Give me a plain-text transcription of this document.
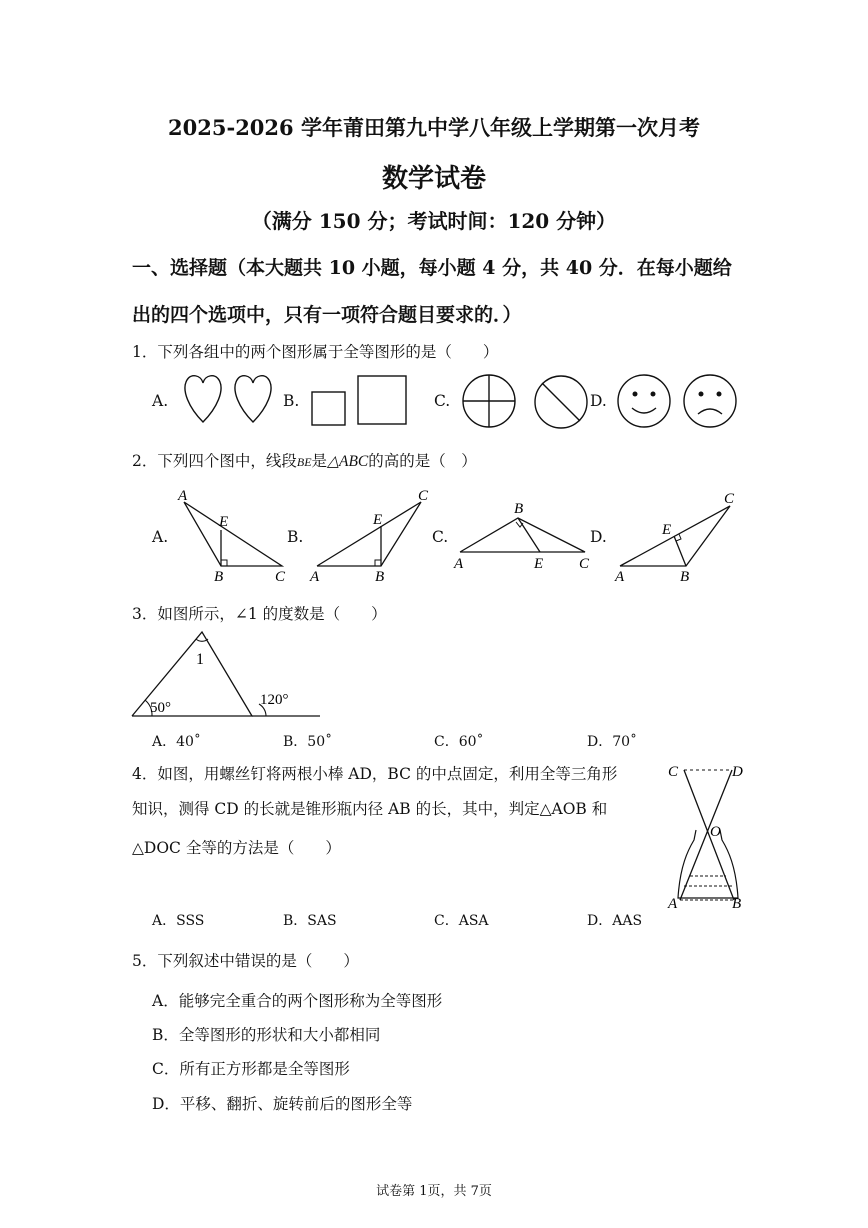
2025-2026 学年莆田第九中学八年级上学期第一次月考
数学试卷
（满分 150 分；考试时间：120 分钟）
一、选择题（本大题共 10 小题，每小题 4 分，共 40 分．在每小题给
出的四个选项中，只有一项符合题目要求的．）
1．下列各组中的两个图形属于全等图形的是（　　）
A.	B.	C.	D.
2．下列四个图中，线段BE是△ABC的高的是（　）
A.	B.	C.	D.
A
E
B	C
C
E
A	B
B
A	E C
C
E
A	B
3．如图所示，∠1 的度数是（　　）
1
50°	120°
A．40˚	B．50˚	C．60˚	D．70˚
4．如图，用螺丝钉将两根小棒 AD，BC 的中点固定，利用全等三角形
知识，测得 CD 的长就是锥形瓶内径 AB 的长，其中，判定△AOB 和
△DOC 全等的方法是（　　）
C	D
O
A	B
A．SSS	B．SAS	C．ASA	D．AAS
5．下列叙述中错误的是（　　）
A．能够完全重合的两个图形称为全等图形
B．全等图形的形状和大小都相同
C．所有正方形都是全等图形
D．平移、翻折、旋转前后的图形全等
试卷第 1页，共 7页
